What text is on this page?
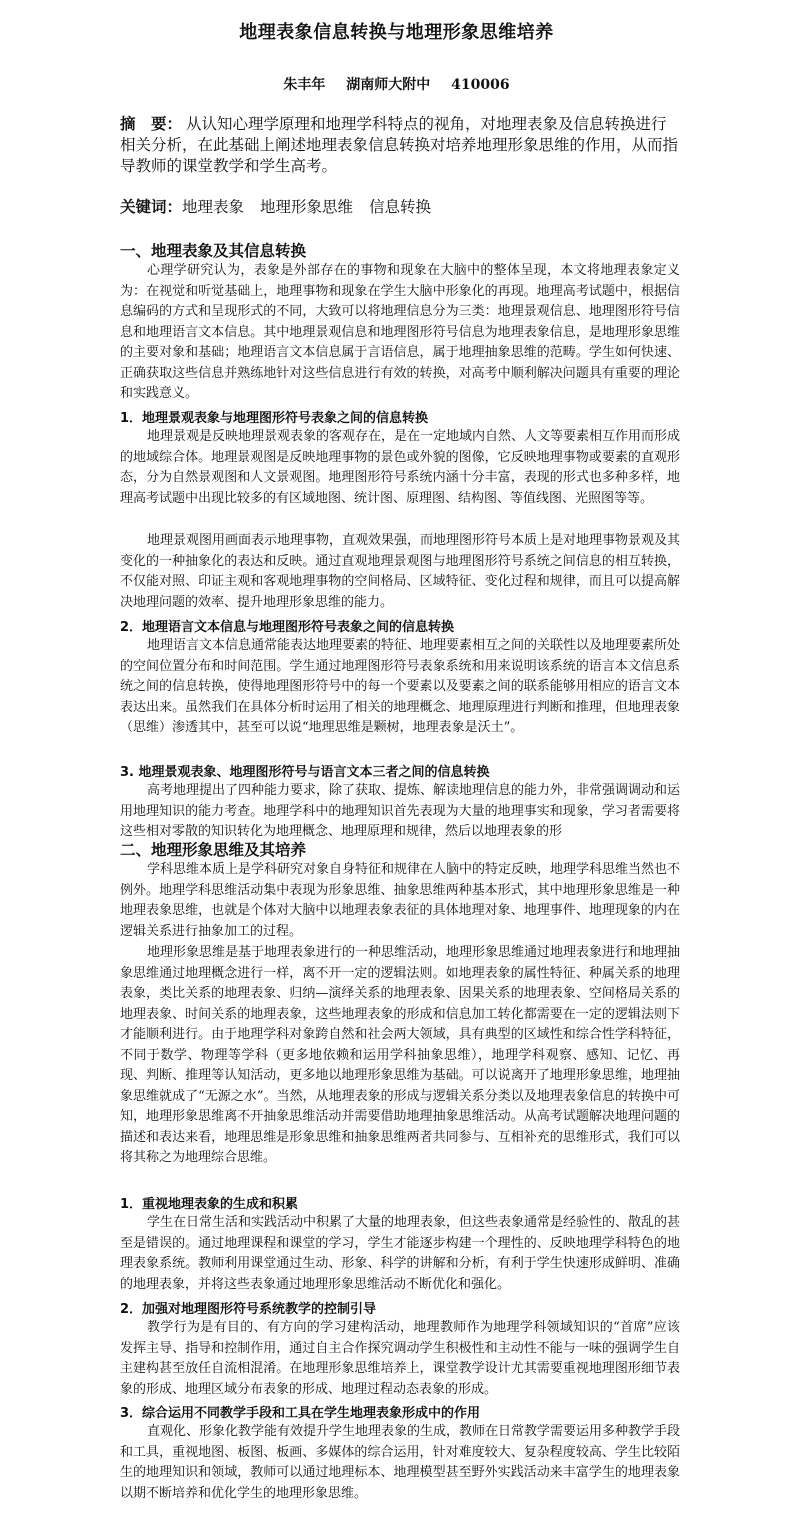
地理表象信息转换与地理形象思维培养
朱丰年 湖南师大附中 410006
摘　要： 从认知心理学原理和地理学科特点的视角，对地理表象及信息转换进行相关分析，在此基础上阐述地理表象信息转换对培养地理形象思维的作用，从而指导教师的课堂教学和学生高考。
关键词：地理表象 地理形象思维 信息转换
一、地理表象及其信息转换
心理学研究认为，表象是外部存在的事物和现象在大脑中的整体呈现，本文将地理表象定义为：在视觉和听觉基础上，地理事物和现象在学生大脑中形象化的再现。地理高考试题中，根据信息编码的方式和呈现形式的不同，大致可以将地理信息分为三类：地理景观信息、地理图形符号信息和地理语言文本信息。其中地理景观信息和地理图形符号信息为地理表象信息，是地理形象思维的主要对象和基础；地理语言文本信息属于言语信息，属于地理抽象思维的范畴。学生如何快速、正确获取这些信息并熟练地针对这些信息进行有效的转换，对高考中顺利解决问题具有重要的理论和实践意义。
1．地理景观表象与地理图形符号表象之间的信息转换
地理景观是反映地理景观表象的客观存在，是在一定地域内自然、人文等要素相互作用而形成的地域综合体。地理景观图是反映地理事物的景色或外貌的图像，它反映地理事物或要素的直观形态，分为自然景观图和人文景观图。地理图形符号系统内涵十分丰富，表现的形式也多种多样，地理高考试题中出现比较多的有区域地图、统计图、原理图、结构图、等值线图、光照图等等。
地理景观图用画面表示地理事物，直观效果强，而地理图形符号本质上是对地理事物景观及其变化的一种抽象化的表达和反映。通过直观地理景观图与地理图形符号系统之间信息的相互转换，不仅能对照、印证主观和客观地理事物的空间格局、区域特征、变化过程和规律，而且可以提高解决地理问题的效率、提升地理形象思维的能力。
2．地理语言文本信息与地理图形符号表象之间的信息转换
地理语言文本信息通常能表达地理要素的特征、地理要素相互之间的关联性以及地理要素所处的空间位置分布和时间范围。学生通过地理图形符号表象系统和用来说明该系统的语言本文信息系统之间的信息转换，使得地理图形符号中的每一个要素以及要素之间的联系能够用相应的语言文本表达出来。虽然我们在具体分析时运用了相关的地理概念、地理原理进行判断和推理，但地理表象（思维）渗透其中，甚至可以说“地理思维是颗树，地理表象是沃土”。
3. 地理景观表象、地理图形符号与语言文本三者之间的信息转换
高考地理提出了四种能力要求，除了获取、提炼、解读地理信息的能力外，非常强调调动和运用地理知识的能力考查。地理学科中的地理知识首先表现为大量的地理事实和现象，学习者需要将这些相对零散的知识转化为地理概念、地理原理和规律，然后以地理表象的形
二、地理形象思维及其培养
学科思维本质上是学科研究对象自身特征和规律在人脑中的特定反映，地理学科思维当然也不例外。地理学科思维活动集中表现为形象思维、抽象思维两种基本形式，其中地理形象思维是一种地理表象思维，也就是个体对大脑中以地理表象表征的具体地理对象、地理事件、地理现象的内在逻辑关系进行抽象加工的过程。
地理形象思维是基于地理表象进行的一种思维活动，地理形象思维通过地理表象进行和地理抽象思维通过地理概念进行一样，离不开一定的逻辑法则。如地理表象的属性特征、种属关系的地理表象，类比关系的地理表象、归纳—演绎关系的地理表象、因果关系的地理表象、空间格局关系的地理表象、时间关系的地理表象，这些地理表象的形成和信息加工转化都需要在一定的逻辑法则下才能顺利进行。由于地理学科对象跨自然和社会两大领域，具有典型的区域性和综合性学科特征，不同于数学、物理等学科（更多地依赖和运用学科抽象思维），地理学科观察、感知、记忆、再现、判断、推理等认知活动，更多地以地理形象思维为基础。可以说离开了地理形象思维，地理抽象思维就成了“无源之水”。当然，从地理表象的形成与逻辑关系分类以及地理表象信息的转换中可知，地理形象思维离不开抽象思维活动并需要借助地理抽象思维活动。从高考试题解决地理问题的描述和表达来看，地理思维是形象思维和抽象思维两者共同参与、互相补充的思维形式，我们可以将其称之为地理综合思维。
1．重视地理表象的生成和积累
学生在日常生活和实践活动中积累了大量的地理表象，但这些表象通常是经验性的、散乱的甚至是错误的。通过地理课程和课堂的学习，学生才能逐步构建一个理性的、反映地理学科特色的地理表象系统。教师利用课堂通过生动、形象、科学的讲解和分析，有利于学生快速形成鲜明、准确的地理表象，并将这些表象通过地理形象思维活动不断优化和强化。
2．加强对地理图形符号系统教学的控制引导
教学行为是有目的、有方向的学习建构活动，地理教师作为地理学科领域知识的“首席”应该发挥主导、指导和控制作用，通过自主合作探究调动学生积极性和主动性不能与一味的强调学生自主建构甚至放任自流相混淆。在地理形象思维培养上，课堂教学设计尤其需要重视地理图形细节表象的形成、地理区域分布表象的形成、地理过程动态表象的形成。
3．综合运用不同教学手段和工具在学生地理表象形成中的作用
直观化、形象化教学能有效提升学生地理表象的生成，教师在日常教学需要运用多种教学手段和工具，重视地图、板图、板画、多媒体的综合运用，针对难度较大、复杂程度较高、学生比较陌生的地理知识和领域，教师可以通过地理标本、地理模型甚至野外实践活动来丰富学生的地理表象以期不断培养和优化学生的地理形象思维。
